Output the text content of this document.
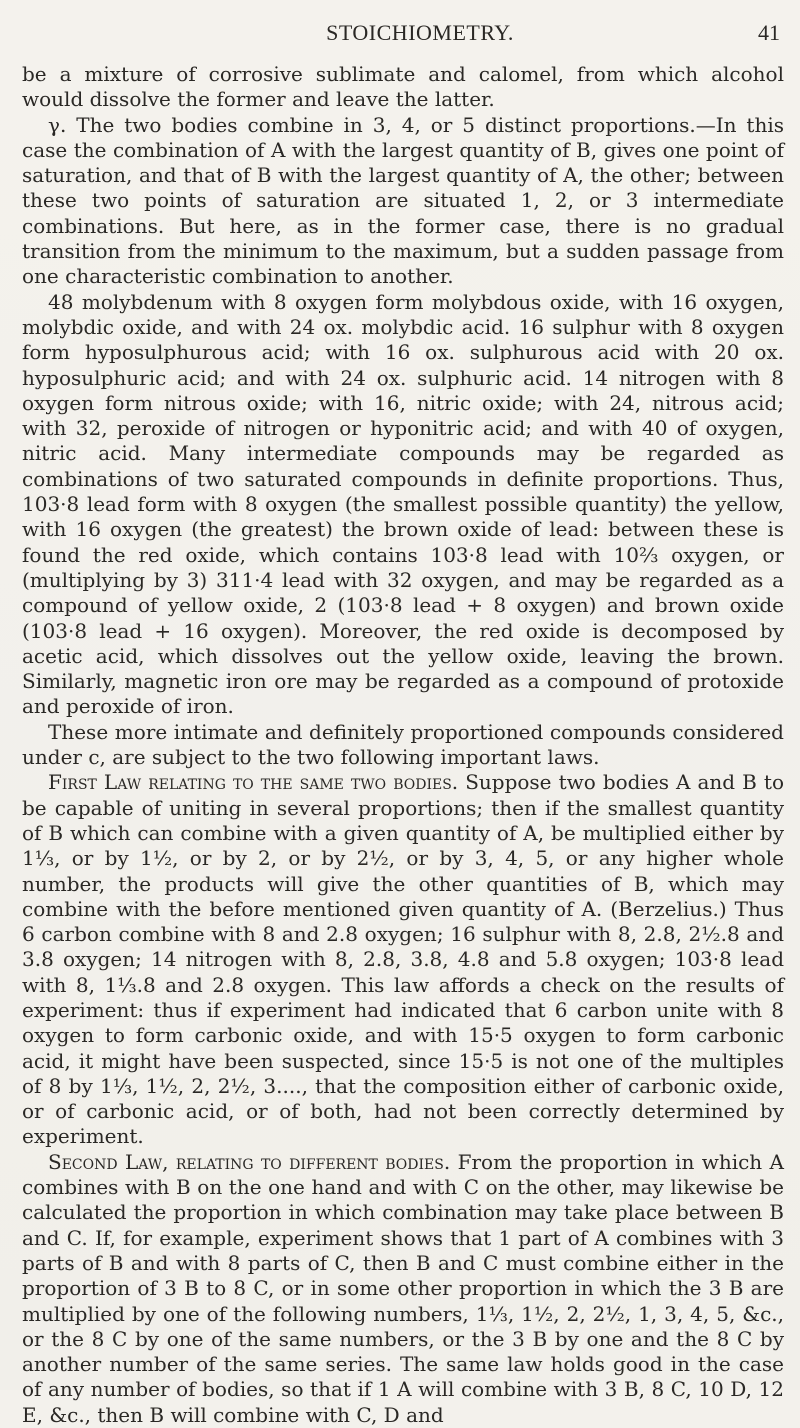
STOICHIOMETRY.	41

be a mixture of corrosive sublimate and calomel, from which alcohol would dissolve the former and leave the latter.

γ. The two bodies combine in 3, 4, or 5 distinct proportions.—In this case the combination of A with the largest quantity of B, gives one point of saturation, and that of B with the largest quantity of A, the other; between these two points of saturation are situated 1, 2, or 3 intermediate combinations. But here, as in the former case, there is no gradual transition from the minimum to the maximum, but a sudden passage from one characteristic combination to another.

48 molybdenum with 8 oxygen form molybdous oxide, with 16 oxygen, molybdic oxide, and with 24 ox. molybdic acid. 16 sulphur with 8 oxygen form hyposulphurous acid; with 16 ox. sulphurous acid with 20 ox. hyposulphuric acid; and with 24 ox. sulphuric acid. 14 nitrogen with 8 oxygen form nitrous oxide; with 16, nitric oxide; with 24, nitrous acid; with 32, peroxide of nitrogen or hyponitric acid; and with 40 of oxygen, nitric acid. Many intermediate compounds may be regarded as combinations of two saturated compounds in definite proportions. Thus, 103·8 lead form with 8 oxygen (the smallest possible quantity) the yellow, with 16 oxygen (the greatest) the brown oxide of lead: between these is found the red oxide, which contains 103·8 lead with 10⅔ oxygen, or (multiplying by 3) 311·4 lead with 32 oxygen, and may be regarded as a compound of yellow oxide, 2 (103·8 lead + 8 oxygen) and brown oxide (103·8 lead + 16 oxygen). Moreover, the red oxide is decomposed by acetic acid, which dissolves out the yellow oxide, leaving the brown. Similarly, magnetic iron ore may be regarded as a compound of protoxide and peroxide of iron.

These more intimate and definitely proportioned compounds considered under c, are subject to the two following important laws.

First Law relating to the same two bodies. Suppose two bodies A and B to be capable of uniting in several proportions; then if the smallest quantity of B which can combine with a given quantity of A, be multiplied either by 1⅓, or by 1½, or by 2, or by 2½, or by 3, 4, 5, or any higher whole number, the products will give the other quantities of B, which may combine with the before mentioned given quantity of A. (Berzelius.) Thus 6 carbon combine with 8 and 2.8 oxygen; 16 sulphur with 8, 2.8, 2½.8 and 3.8 oxygen; 14 nitrogen with 8, 2.8, 3.8, 4.8 and 5.8 oxygen; 103·8 lead with 8, 1⅓.8 and 2.8 oxygen. This law affords a check on the results of experiment: thus if experiment had indicated that 6 carbon unite with 8 oxygen to form carbonic oxide, and with 15·5 oxygen to form carbonic acid, it might have been suspected, since 15·5 is not one of the multiples of 8 by 1⅓, 1½, 2, 2½, 3...., that the composition either of carbonic oxide, or of carbonic acid, or of both, had not been correctly determined by experiment.

Second Law, relating to different bodies. From the proportion in which A combines with B on the one hand and with C on the other, may likewise be calculated the proportion in which combination may take place between B and C. If, for example, experiment shows that 1 part of A combines with 3 parts of B and with 8 parts of C, then B and C must combine either in the proportion of 3 B to 8 C, or in some other proportion in which the 3 B are multiplied by one of the following numbers, 1⅓, 1½, 2, 2½, 1, 3, 4, 5, &c., or the 8 C by one of the same numbers, or the 3 B by one and the 8 C by another number of the same series. The same law holds good in the case of any number of bodies, so that if 1 A will combine with 3 B, 8 C, 10 D, 12 E, &c., then B will combine with C, D and
